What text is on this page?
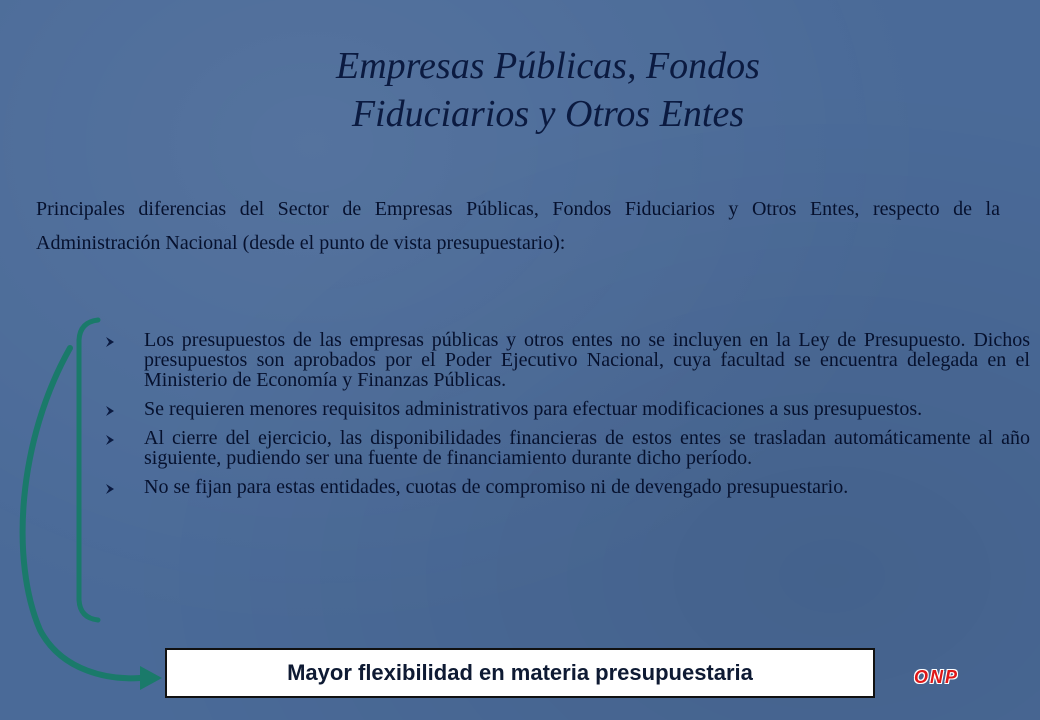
Empresas Públicas, Fondos
Fiduciarios y Otros Entes
Principales diferencias del Sector de Empresas Públicas, Fondos Fiduciarios y Otros Entes, respecto de la Administración Nacional (desde el punto de vista presupuestario):
Los presupuestos de las empresas públicas y otros entes no se incluyen en la Ley de Presupuesto. Dichos presupuestos son aprobados por el Poder Ejecutivo Nacional, cuya facultad se encuentra delegada en el Ministerio de Economía y Finanzas Públicas.
Se requieren menores requisitos administrativos para efectuar modificaciones a sus presupuestos.
Al cierre del ejercicio, las disponibilidades financieras de estos entes se trasladan automáticamente al año siguiente, pudiendo ser una fuente de financiamiento durante dicho período.
No se fijan para estas entidades, cuotas de compromiso ni de devengado presupuestario.
Mayor flexibilidad en materia presupuestaria	ONP
